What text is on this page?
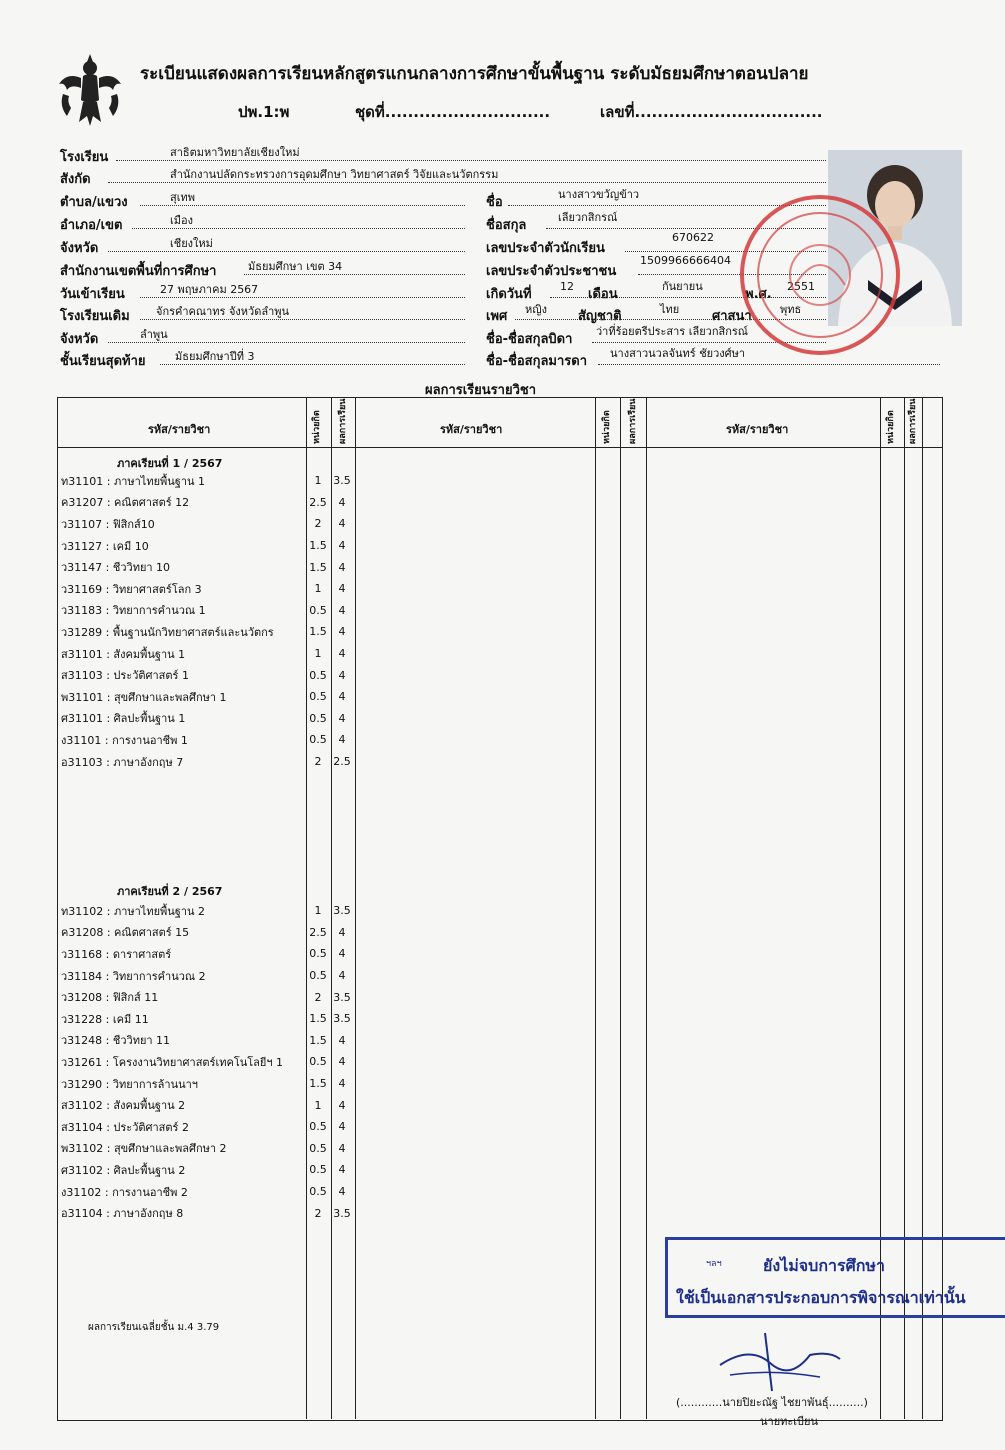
ระเบียนแสดงผลการเรียนหลักสูตรแกนกลางการศึกษาขั้นพื้นฐาน ระดับมัธยมศึกษาตอนปลาย
ปพ.1:พ	ชุดที่.............................	เลขที่.................................
โรงเรียน	สาธิตมหาวิทยาลัยเชียงใหม่
สังกัด	สำนักงานปลัดกระทรวงการอุดมศึกษา วิทยาศาสตร์ วิจัยและนวัตกรรม
ตำบล/แขวง	สุเทพ
อำเภอ/เขต	เมือง
จังหวัด	เชียงใหม่
สำนักงานเขตพื้นที่การศึกษา	มัธยมศึกษา เขต 34
วันเข้าเรียน	27 พฤษภาคม 2567
โรงเรียนเดิม จักรคำคณาทร จังหวัดลำพูน
จังหวัด	ลำพูน
ชั้นเรียนสุดท้าย	มัธยมศึกษาปีที่ 3
ชื่อ
นางสาวขวัญข้าว
ชื่อสกุล
เลียวกสิกรณ์
เลขประจำตัวนักเรียน
670622
เลขประจำตัวประชาชน
1509966666404
เกิดวันที่
12
เดือน
กันยายน
พ.ศ.
2551
เพศ หญิง สัญชาติ	ไทย	ศาสนา	พุทธ
ชื่อ-ชื่อสกุลบิดา
ว่าที่ร้อยตรีประสาร เลียวกสิกรณ์
ชื่อ-ชื่อสกุลมารดา
นางสาวนวลจันทร์ ชัยวงศ์ษา
ผลการเรียนรายวิชา
รหัส/รายวิชา	หน่วยกิต ผลการเรียน	รหัส/รายวิชา	หน่วยกิต ผลการเรียน	รหัส/รายวิชา	หน่วยกิต ผลการเรียน
ภาคเรียนที่ 1 / 2567
ท31101 : ภาษาไทยพื้นฐาน 1	1	3.5
ค31207 : คณิตศาสตร์ 12	2.5	4
ว31107 : ฟิสิกส์10	2	4
ว31127 : เคมี 10	1.5	4
ว31147 : ชีววิทยา 10	1.5	4
ว31169 : วิทยาศาสตร์โลก 3	1	4
ว31183 : วิทยาการคำนวณ 1	0.5	4
ว31289 : พื้นฐานนักวิทยาศาสตร์และนวัตกร	1.5	4
ส31101 : สังคมพื้นฐาน 1	1	4
ส31103 : ประวัติศาสตร์ 1	0.5	4
พ31101 : สุขศึกษาและพลศึกษา 1	0.5	4
ศ31101 : ศิลปะพื้นฐาน 1	0.5	4
ง31101 : การงานอาชีพ 1	0.5	4
อ31103 : ภาษาอังกฤษ 7	2	2.5
ภาคเรียนที่ 2 / 2567
ท31102 : ภาษาไทยพื้นฐาน 2	1	3.5
ค31208 : คณิตศาสตร์ 15	2.5	4
ว31168 : ดาราศาสตร์	0.5	4
ว31184 : วิทยาการคำนวณ 2	0.5	4
ว31208 : ฟิสิกส์ 11	2	3.5
ว31228 : เคมี 11	1.5 3.5
ว31248 : ชีววิทยา 11	1.5	4
ว31261 : โครงงานวิทยาศาสตร์เทคโนโลยีฯ 1	0.5	4
ว31290 : วิทยาการล้านนาฯ	1.5	4
ส31102 : สังคมพื้นฐาน 2	1	4
ส31104 : ประวัติศาสตร์ 2	0.5	4
พ31102 : สุขศึกษาและพลศึกษา 2	0.5	4
ศ31102 : ศิลปะพื้นฐาน 2	0.5	4
ง31102 : การงานอาชีพ 2	0.5	4
อ31104 : ภาษาอังกฤษ 8	2	3.5
ผลการเรียนเฉลี่ยชั้น ม.4 3.79
ฯลฯ	ยังไม่จบการศึกษา
ใช้เป็นเอกสารประกอบการพิจารณาเท่านั้น
(............นายปิยะณัฐ ไชยาพันธุ์..........)
นายทะเบียน
